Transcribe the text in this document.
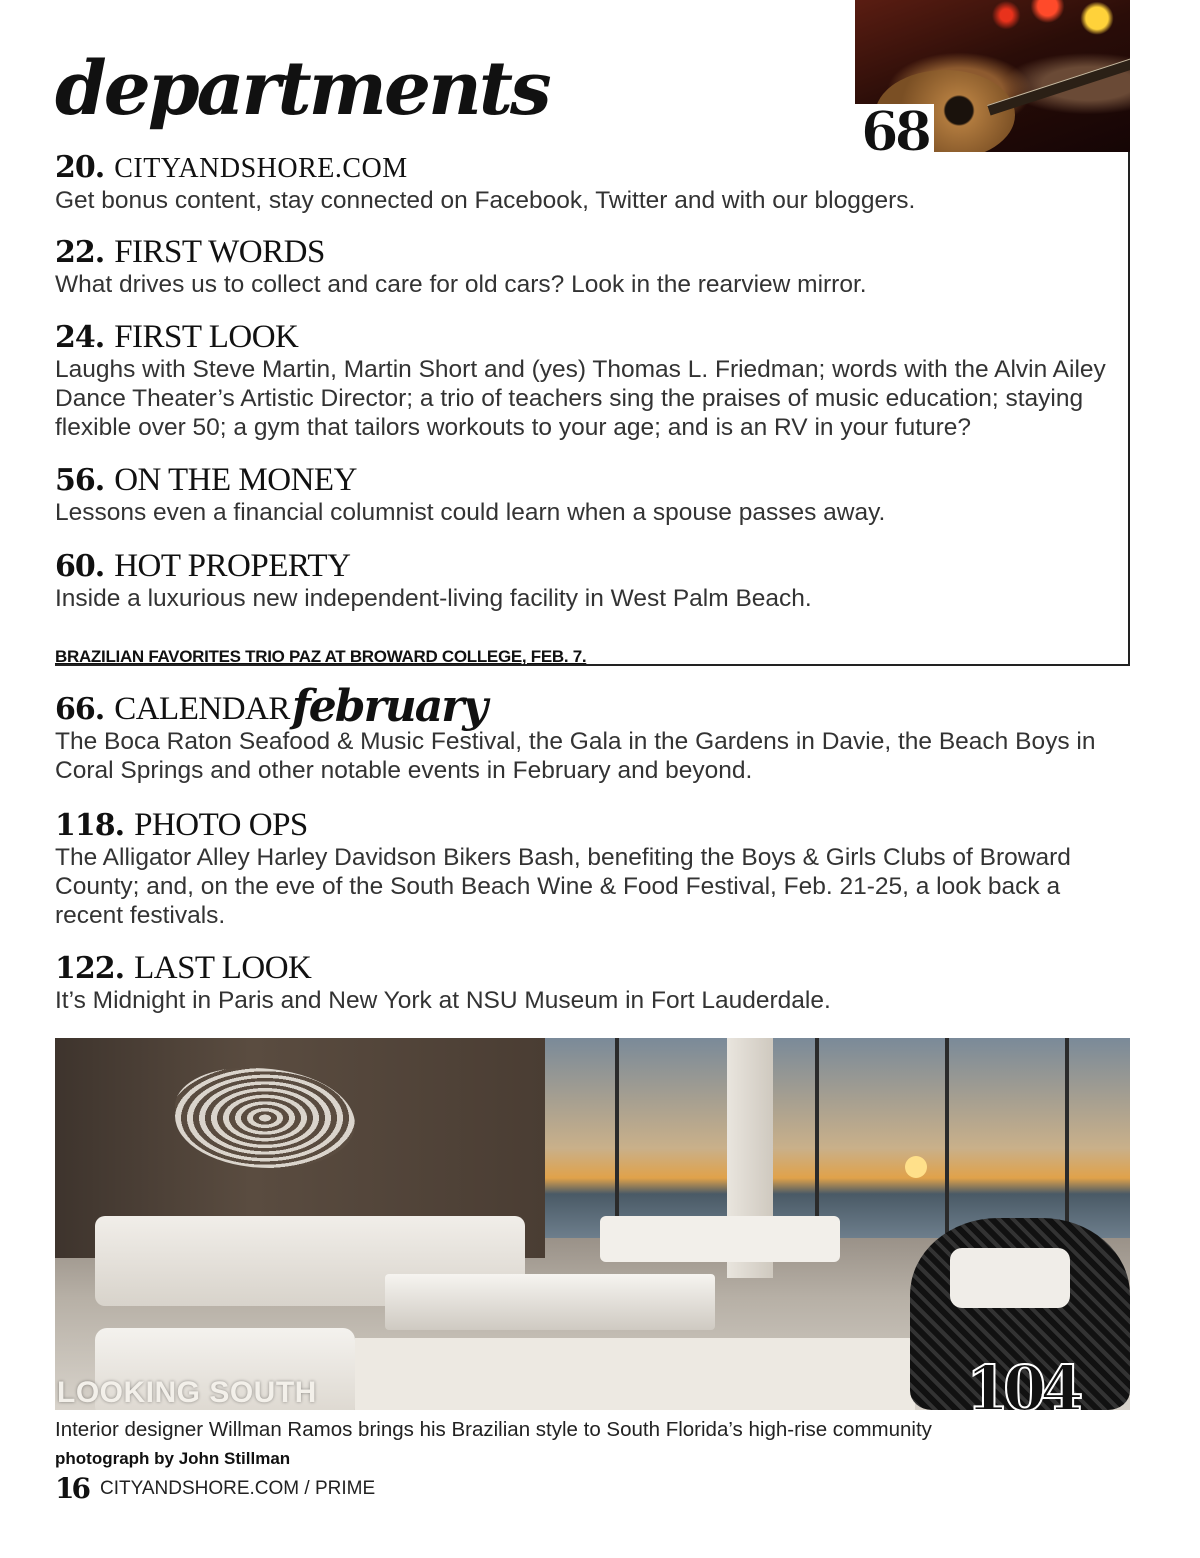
departments	68
20. CITYANDSHORE.COM

Get bonus content, stay connected on Facebook, Twitter and with our bloggers.

22. FIRST WORDS

What drives us to collect and care for old cars? Look in the rearview mirror.

24. FIRST LOOK

Laughs with Steve Martin, Martin Short and (yes) Thomas L. Friedman; words with the Alvin Ailey Dance Theater’s Artistic Director; a trio of teachers sing the praises of music education; staying flexible over 50; a gym that tailors workouts to your age; and is an RV in your future?

56. ON THE MONEY

Lessons even a financial columnist could learn when a spouse passes away.

60. HOT PROPERTY

Inside a luxurious new independent-living facility in West Palm Beach.

BRAZILIAN FAVORITES TRIO PAZ AT BROWARD COLLEGE, FEB. 7.
66. CALENDARfebruary

The Boca Raton Seafood & Music Festival, the Gala in the Gardens in Davie, the Beach Boys in Coral Springs and other notable events in February and beyond.

118. PHOTO OPS

The Alligator Alley Harley Davidson Bikers Bash, benefiting the Boys & Girls Clubs of Broward County; and, on the eve of the South Beach Wine & Food Festival, Feb. 21-25, a look back a recent festivals.

122. LAST LOOK

It’s Midnight in Paris and New York at NSU Museum in Fort Lauderdale.

LOOKING SOUTH	104

Interior designer Willman Ramos brings his Brazilian style to South Florida’s high-rise community

photograph by John Stillman

16 CITYANDSHORE.COM / PRIME
